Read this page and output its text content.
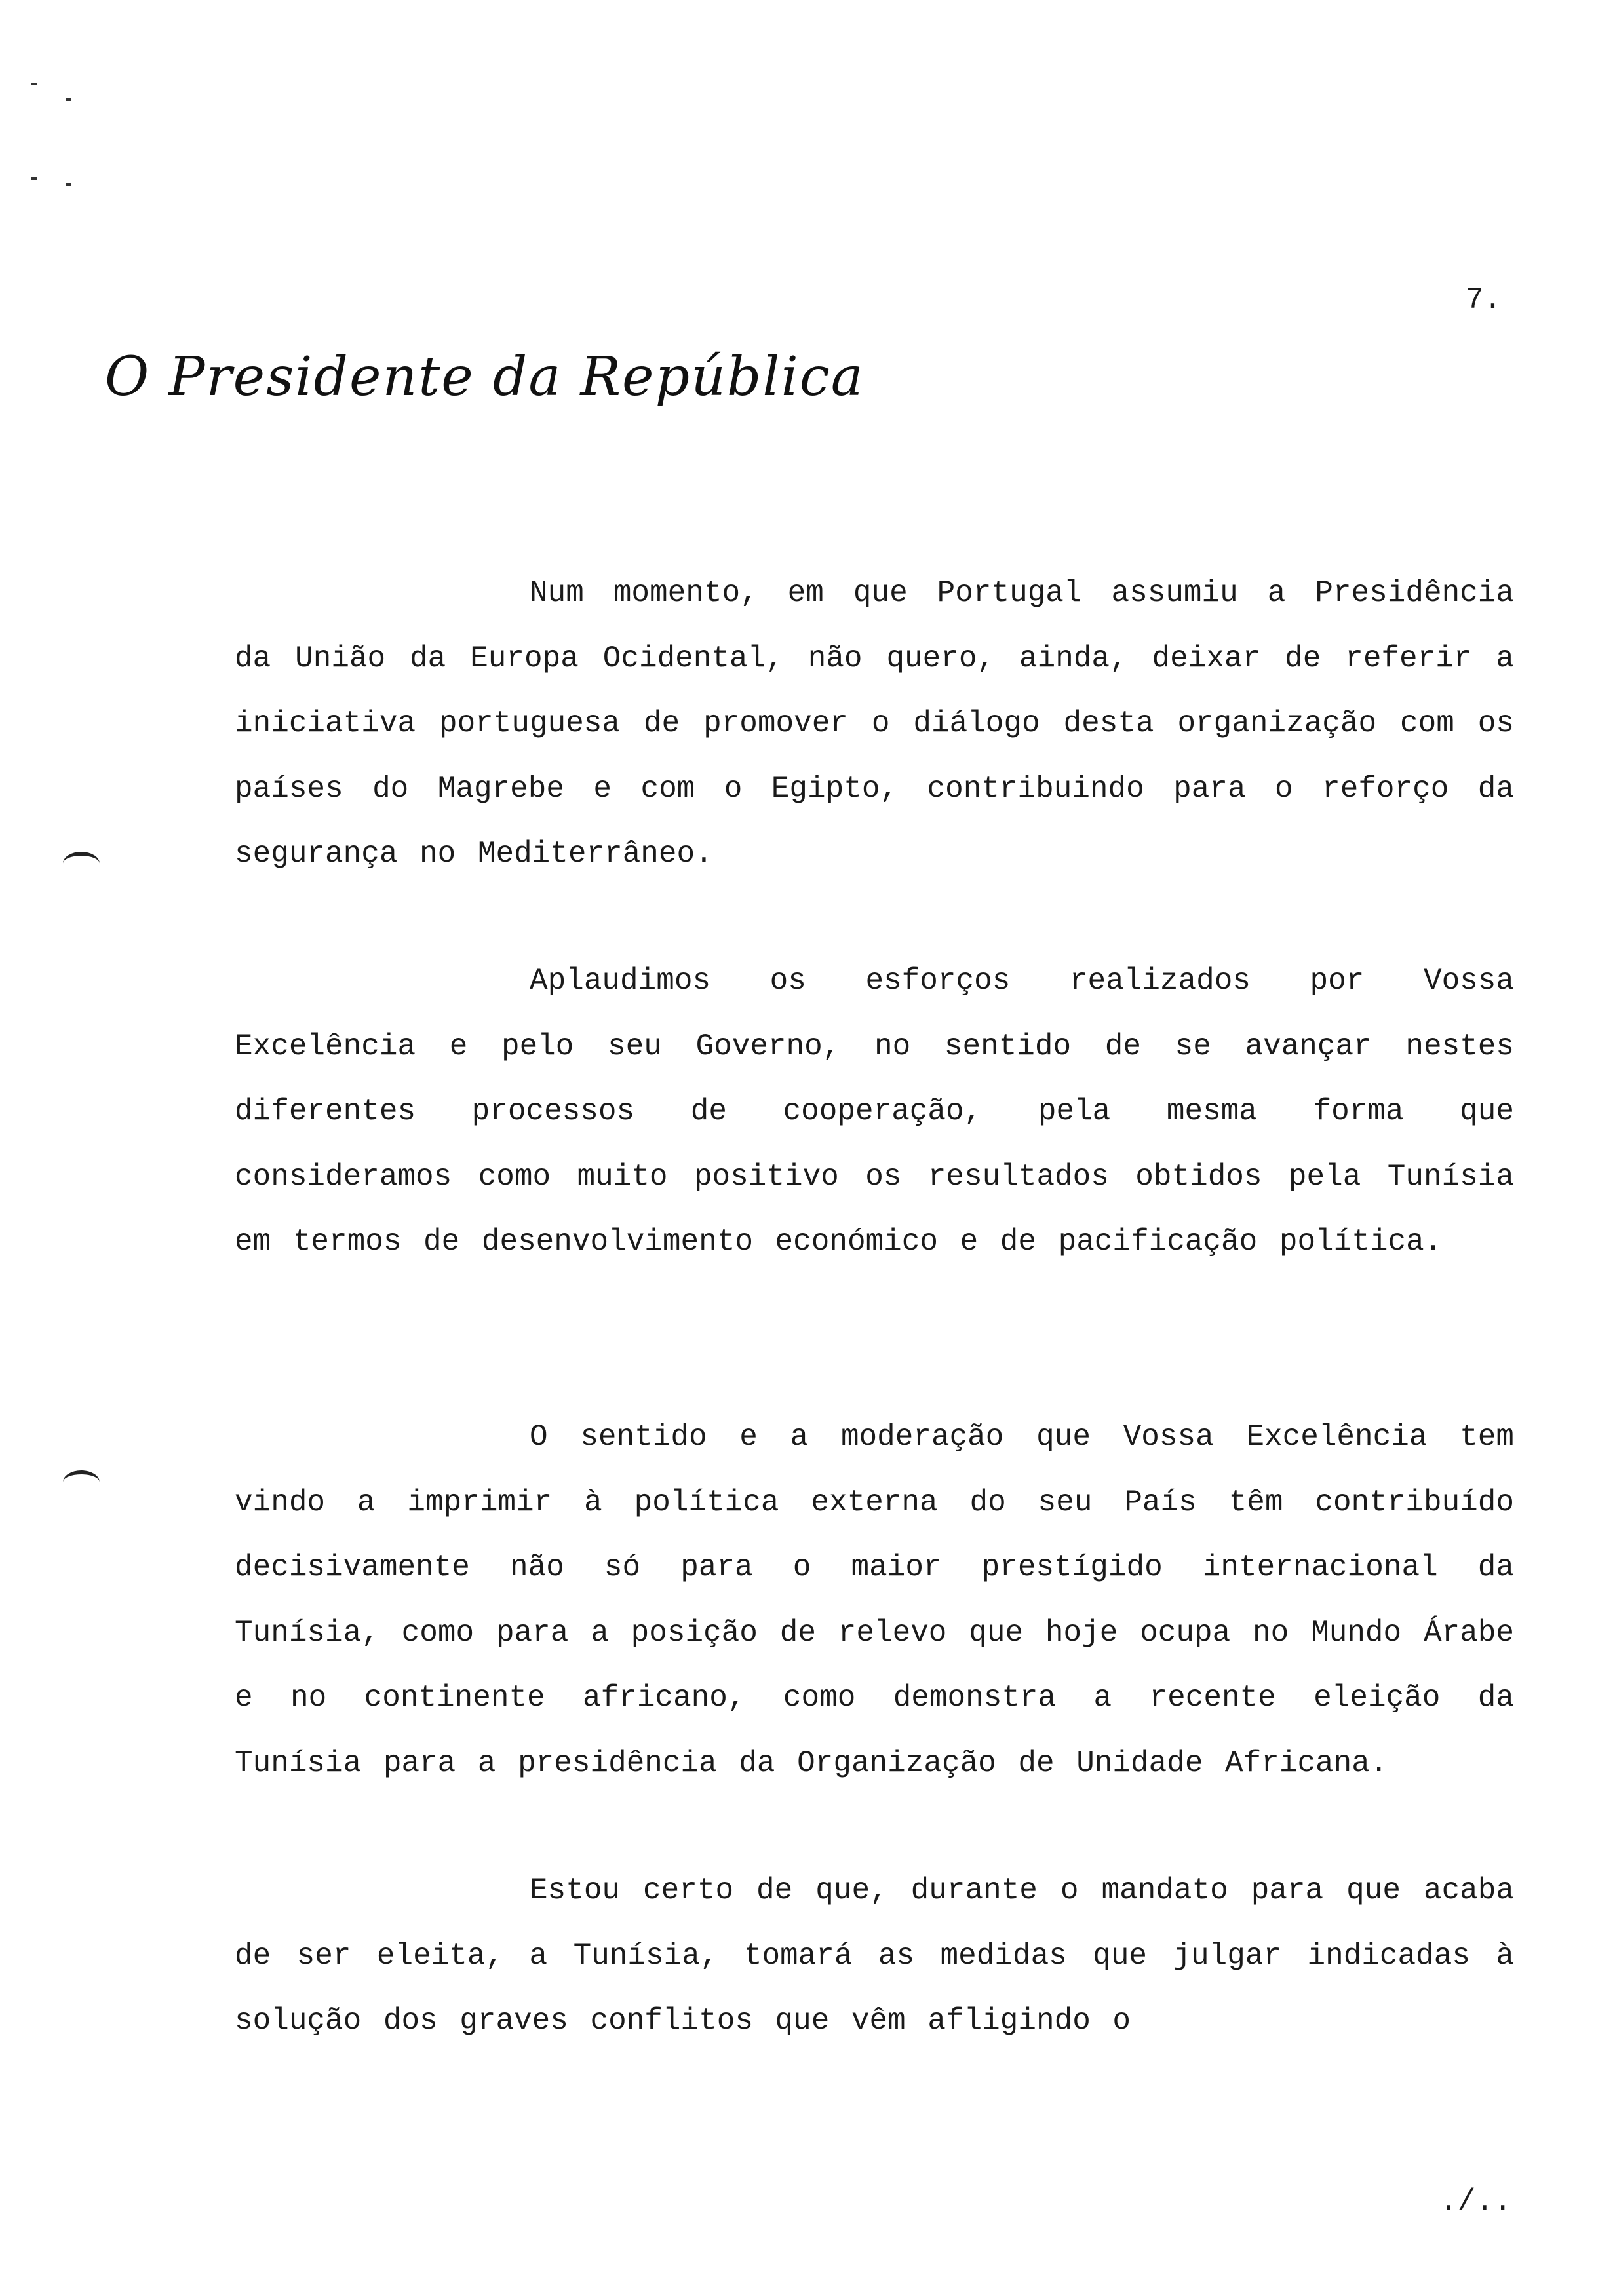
7.
O Presidente da República

Num momento, em que Portugal assumiu a Presidência da União da Europa Ocidental, não quero, ainda, deixar de referir a iniciativa portuguesa de promover o diálogo desta organização com os países do Magrebe e com o Egipto, contribuindo para o reforço da segurança no Mediterrâneo.

Aplaudimos os esforços realizados por Vossa Excelência e pelo seu Governo, no sentido de se avançar nestes diferentes processos de cooperação, pela mesma forma que consideramos como muito positivo os resultados obtidos pela Tunísia em termos de desenvolvimento económico e de pacificação política.

O sentido e a moderação que Vossa Excelência tem vindo a imprimir à política externa do seu País têm contribuído decisivamente não só para o maior prestígido internacional da Tunísia, como para a posição de relevo que hoje ocupa no Mundo Árabe e no continente africano, como demonstra a recente eleição da Tunísia para a presidência da Organização de Unidade Africana.

Estou certo de que, durante o mandato para que acaba de ser eleita, a Tunísia, tomará as medidas que julgar indicadas à solução dos graves conflitos que vêm afligindo o

./..
